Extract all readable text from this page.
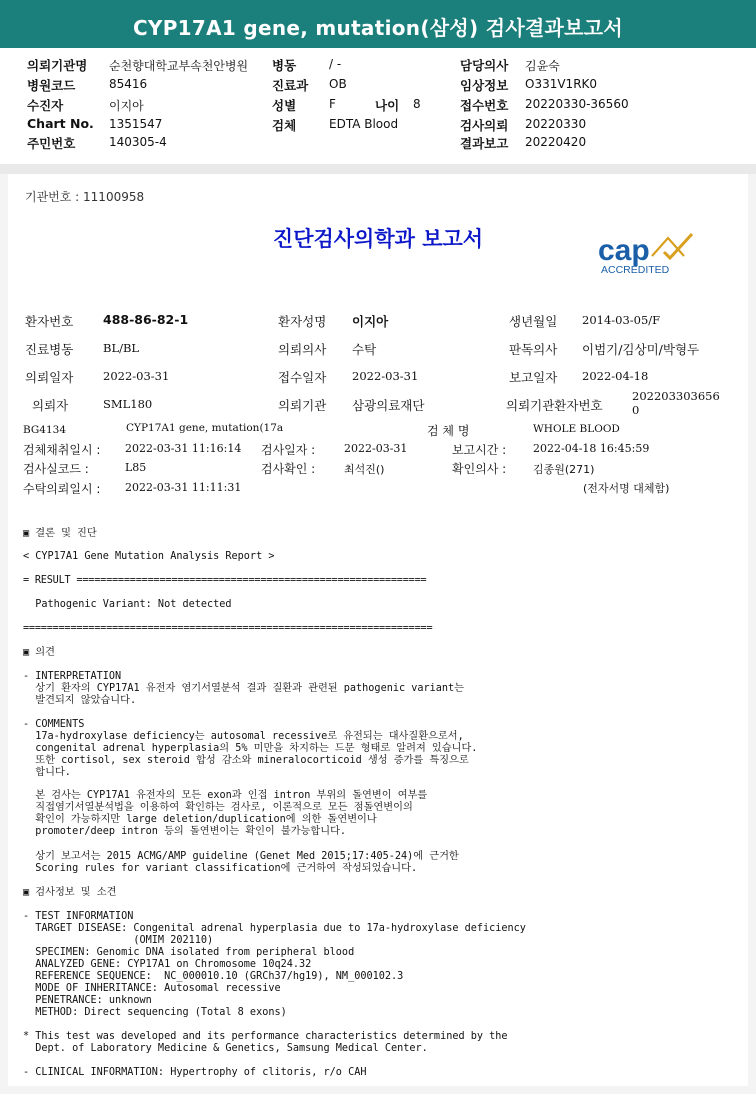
CYP17A1 gene, mutation(삼성) 검사결과보고서
의뢰기관명 순천향대학교부속천안병원 병동	/ -	담당의사 김윤숙
병원코드	85416	진료과 OB	임상정보 O331V1RK0
수진자	이지아	성별	F	나이 8	접수번호 20220330-36560
Chart No. 1351547	검체	EDTA Blood	검사의뢰 20220330
주민번호	140305-4	결과보고 20220420
기관번호 : 11100958
진단검사의학과 보고서	cap
ACCREDITED
환자번호 488-86-82-1	환자성명 이지아	생년월일 2014-03-05/F
진료병동	BL/BL	의뢰의사 수탁	판독의사 이범기/김상미/박형두
의뢰일자	2022-03-31	접수일자 2022-03-31	보고일자 2022-04-18
의뢰자	SML180	의뢰기관 삼광의료재단	의뢰기관환자번호
202203303656
0
BG4134	CYP17A1 gene, mutation(17a	검 체 명	WHOLE BLOOD
검체채취일시 : 2022-03-31 11:16:14 검사일자 :	2022-03-31	보고시간 : 2022-04-18 16:45:59
검사실코드 :	L85	검사확인 :	최석진()	확인의사 : 김종원(271)
수탁의뢰일시 : 2022-03-31 11:11:31	(전자서명 대체함)
▣ 결론 및 진단
< CYP17A1 Gene Mutation Analysis Report >
= RESULT ===========================================================
Pathogenic Variant: Not detected
=====================================================================
▣ 의견
- INTERPRETATION
상기 환자의 CYP17A1 유전자 염기서열분석 결과 질환과 관련된 pathogenic variant는
발견되지 않았습니다.
- COMMENTS
17a-hydroxylase deficiency는 autosomal recessive로 유전되는 대사질환으로서,
congenital adrenal hyperplasia의 5% 미만을 차지하는 드문 형태로 알려져 있습니다.
또한 cortisol, sex steroid 합성 감소와 mineralocorticoid 생성 증가를 특징으로
합니다.
본 검사는 CYP17A1 유전자의 모든 exon과 인접 intron 부위의 돌연변이 여부를
직접염기서열분석법을 이용하여 확인하는 검사로, 이론적으로 모든 점돌연변이의
확인이 가능하지만 large deletion/duplication에 의한 돌연변이나
promoter/deep intron 등의 돌연변이는 확인이 불가능합니다.
상기 보고서는 2015 ACMG/AMP guideline (Genet Med 2015;17:405-24)에 근거한
Scoring rules for variant classification에 근거하여 작성되었습니다.
▣ 검사정보 및 소견
- TEST INFORMATION
TARGET DISEASE: Congenital adrenal hyperplasia due to 17a-hydroxylase deficiency
(OMIM 202110)
SPECIMEN: Genomic DNA isolated from peripheral blood
ANALYZED GENE: CYP17A1 on Chromosome 10q24.32
REFERENCE SEQUENCE:  NC_000010.10 (GRCh37/hg19), NM_000102.3
MODE OF INHERITANCE: Autosomal recessive
PENETRANCE: unknown
METHOD: Direct sequencing (Total 8 exons)
* This test was developed and its performance characteristics determined by the
Dept. of Laboratory Medicine & Genetics, Samsung Medical Center.
- CLINICAL INFORMATION: Hypertrophy of clitoris, r/o CAH
